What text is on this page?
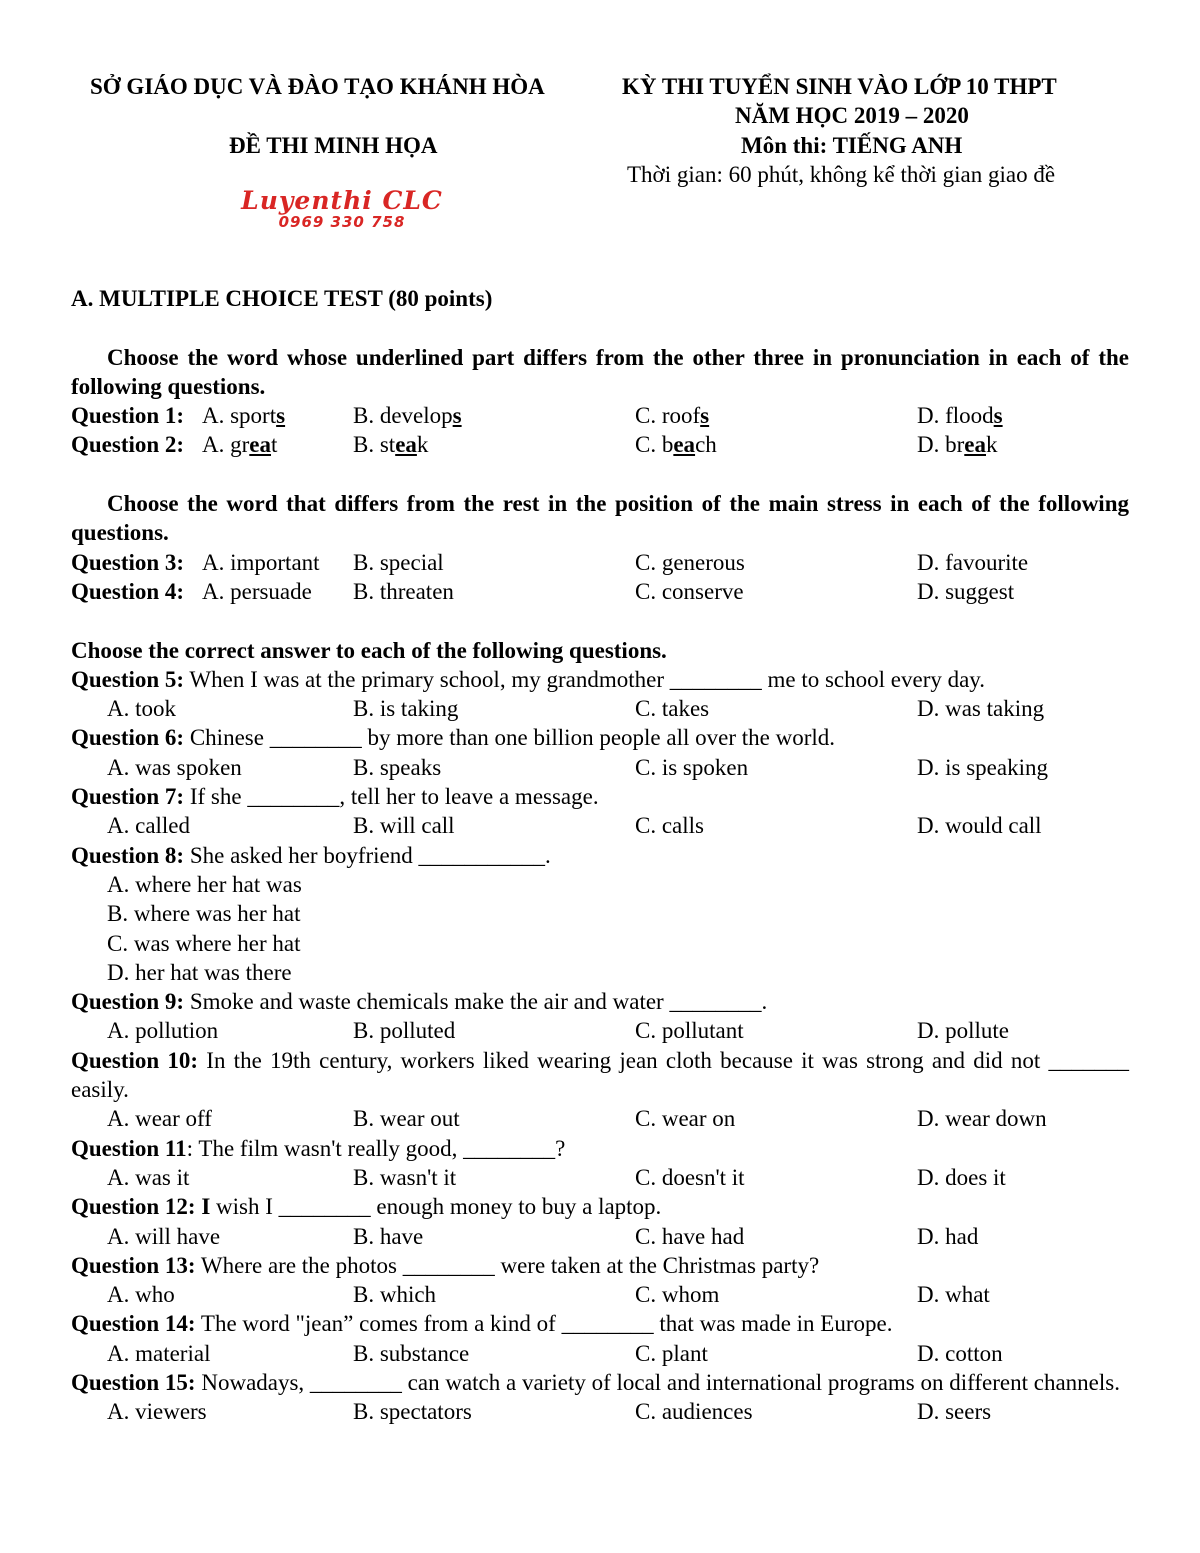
SỞ GIÁO DỤC VÀ ĐÀO TẠO KHÁNH HÒA
ĐỀ THI MINH HỌA
KỲ THI TUYỂN SINH VÀO LỚP 10 THPT
NĂM HỌC 2019 – 2020
Môn thi: TIẾNG ANH
Thời gian: 60 phút, không kể thời gian giao đề
Luyenthi CLC
0969 330 758
A. MULTIPLE CHOICE TEST (80 points)
Choose the word whose underlined part differs from the other three in pronunciation in each of the following questions.
Question 1: A. sports	B. develops	C. roofs	D. floods
Question 2: A. great	B. steak	C. beach	D. break
Choose the word that differs from the rest in the position of the main stress in each of the following questions.
Question 3: A. important B. special	C. generous	D. favourite
Question 4: A. persuade B. threaten	C. conserve	D. suggest
Choose the correct answer to each of the following questions.
Question 5: When I was at the primary school, my grandmother ________ me to school every day.
A. took	B. is taking	C. takes	D. was taking
Question 6: Chinese ________ by more than one billion people all over the world.
A. was spoken	B. speaks	C. is spoken	D. is speaking
Question 7: If she ________, tell her to leave a message.
A. called	B. will call	C. calls	D. would call
Question 8: She asked her boyfriend ___________.
A. where her hat was
B. where was her hat
C. was where her hat
D. her hat was there
Question 9: Smoke and waste chemicals make the air and water ________.
A. pollution	B. polluted	C. pollutant	D. pollute
Question 10: In the 19th century, workers liked wearing jean cloth because it was strong and did not _______ easily.
A. wear off	B. wear out	C. wear on	D. wear down
Question 11: The film wasn't really good, ________?
A. was it	B. wasn't it	C. doesn't it	D. does it
Question 12: I wish I ________ enough money to buy a laptop.
A. will have	B. have	C. have had	D. had
Question 13: Where are the photos ________ were taken at the Christmas party?
A. who	B. which	C. whom	D. what
Question 14: The word "jean” comes from a kind of ________ that was made in Europe.
A. material	B. substance	C. plant	D. cotton
Question 15: Nowadays, ________ can watch a variety of local and international programs on different channels.
A. viewers	B. spectators	C. audiences	D. seers
